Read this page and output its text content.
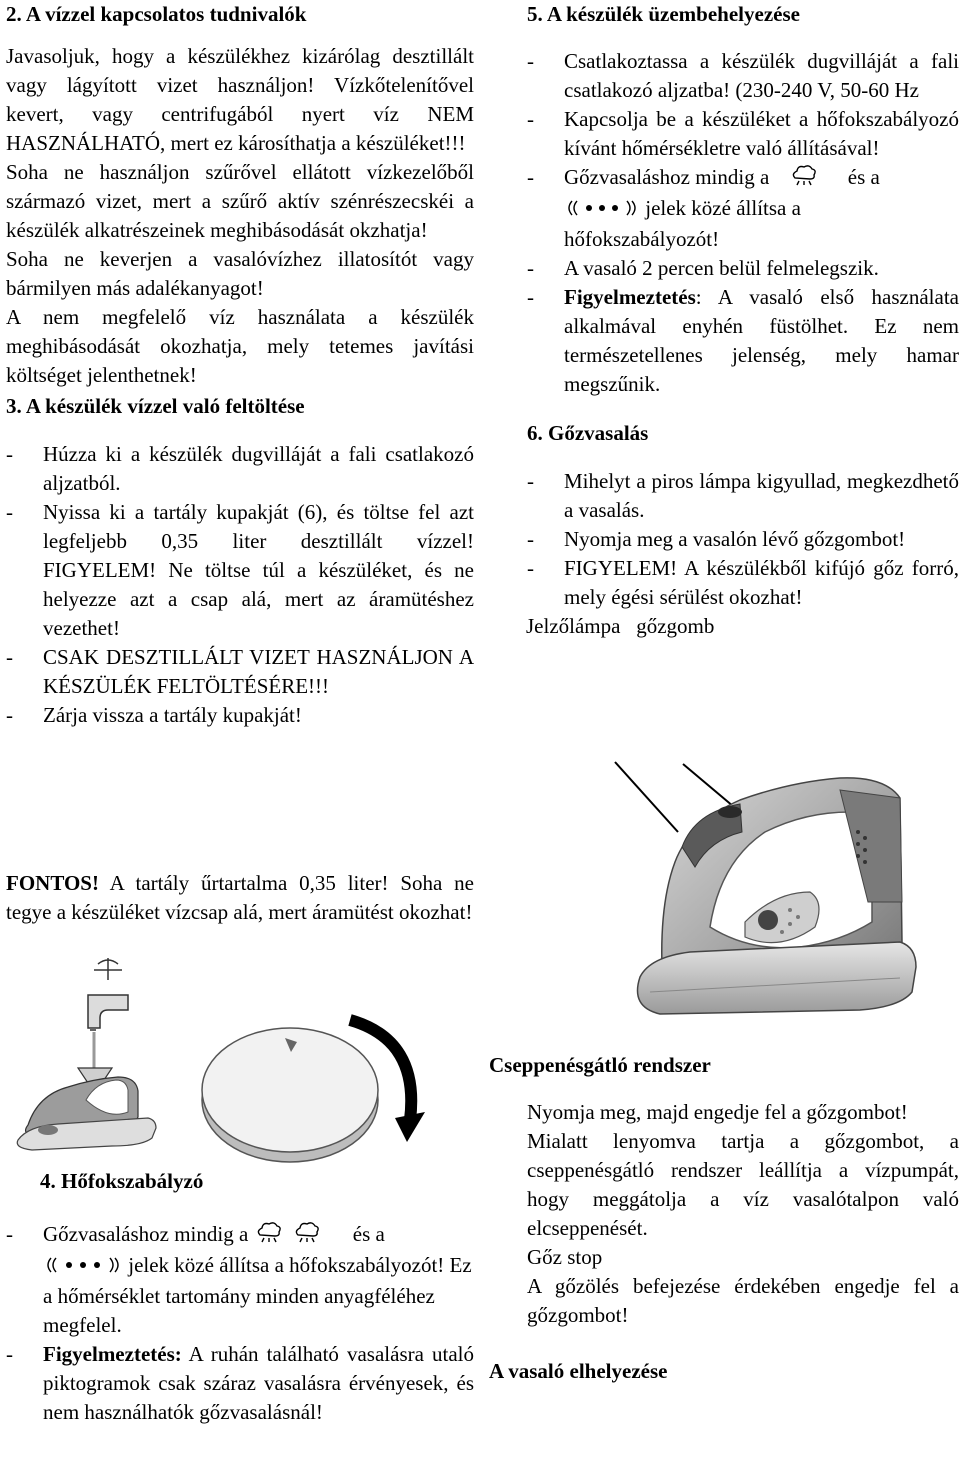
2. A vízzel kapcsolatos tudnivalók

Javasoljuk, hogy a készülékhez kizárólag desztillált vagy lágyított vizet használjon! Vízkőtelenítővel kevert, vagy centrifugából nyert víz NEM HASZNÁLHATÓ, mert ez károsíthatja a készüléket!!!

Soha ne használjon szűrővel ellátott vízkezelőből származó vizet, mert a szűrő aktív szénrészecskéi a készülék alkatrészeinek meghibásodását okzhatja!

Soha ne keverjen a vasalóvízhez illatosítót vagy bármilyen más adalékanyagot!

A nem megfelelő víz használata a készülék meghibásodását okozhatja, mely tetemes javítási költséget jelenthetnek!

3. A készülék vízzel való feltöltése

- Húzza ki a készülék dugvilláját a fali csatlakozó aljzatból.
- Nyissa ki a tartály kupakját (6), és töltse fel azt legfeljebb 0,35 liter desztillált vízzel! FIGYELEM! Ne töltse túl a készüléket, és ne helyezze azt a csap alá, mert az áramütéshez vezethet!
- CSAK DESZTILLÁLT VIZET HASZNÁLJON A KÉSZÜLÉK FELTÖLTÉSÉRE!!!
- Zárja vissza a tartály kupakját!
FONTOS! A tartály űrtartalma 0,35 liter! Soha ne tegye a készüléket vízcsap alá, mert áramütést okozhat!
4. Hőfokszabályzó
- Gőzvasaláshoz mindig a	és a
jelek közé állítsa a hőfokszabályozót! Ez a hőmérséklet tartomány minden anyagféléhez megfelel.
- Figyelmeztetés: A ruhán található vasalásra utaló piktogramok csak száraz vasalásra érvényesek, és nem használhatók gőzvasalásnál!

5. A készülék üzembehelyezése

- Csatlakoztassa a készülék dugvilláját a fali csatlakozó aljzatba! (230-240 V, 50-60 Hz
- Kapcsolja be a készüléket a hőfokszabályozó kívánt hőmérsékletre való állításával!
- Gőzvasaláshoz mindig a	és a
jelek közé állítsa a hőfokszabályozót!
- A vasaló 2 percen belül felmelegszik.
- Figyelmeztetés: A vasaló első használata alkalmával enyhén füstölhet. Ez nem természetellenes jelenség, mely hamar megszűnik.

6. Gőzvasalás

- Mihelyt a piros lámpa kigyullad, megkezdhető a vasalás.
- Nyomja meg a vasalón lévő gőzgombot!
- FIGYELEM! A készülékből kifújó gőz forró, mely égési sérülést okozhat!

Jelzőlámpa   gőzgomb

Cseppenésgátló rendszer

Nyomja meg, majd engedje fel a gőzgombot!

Mialatt lenyomva tartja a gőzgombot, a cseppenésgátló rendszer leállítja a vízpumpát, hogy meggátolja a víz vasalótalpon való elcseppenését.

Gőz stop

A gőzölés befejezése érdekében engedje fel a gőzgombot!

A vasaló elhelyezése
